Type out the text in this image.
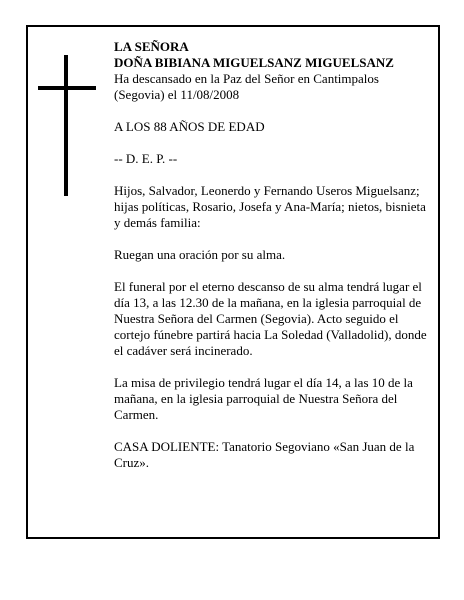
LA SEÑORA

DOÑA BIBIANA MIGUELSANZ MIGUELSANZ

Ha descansado en la Paz del Señor en Cantimpalos (Segovia) el 11/08/2008

A LOS 88 AÑOS DE EDAD

-- D. E. P. --

Hijos, Salvador, Leonerdo y Fernando Useros Miguelsanz; hijas políticas, Rosario, Josefa y Ana-María; nietos, bisnieta y demás familia:

Ruegan una oración por su alma.

El funeral por el eterno descanso de su alma tendrá lugar el día 13, a las 12.30 de la mañana, en la iglesia parroquial de Nuestra Señora del Carmen (Segovia). Acto seguido el cortejo fúnebre partirá hacia La Soledad (Valladolid), donde el cadáver será incinerado.

La misa de privilegio tendrá lugar el día 14, a las 10 de la mañana, en la iglesia parroquial de Nuestra Señora del Carmen.

CASA DOLIENTE: Tanatorio Segoviano «San Juan de la Cruz».
